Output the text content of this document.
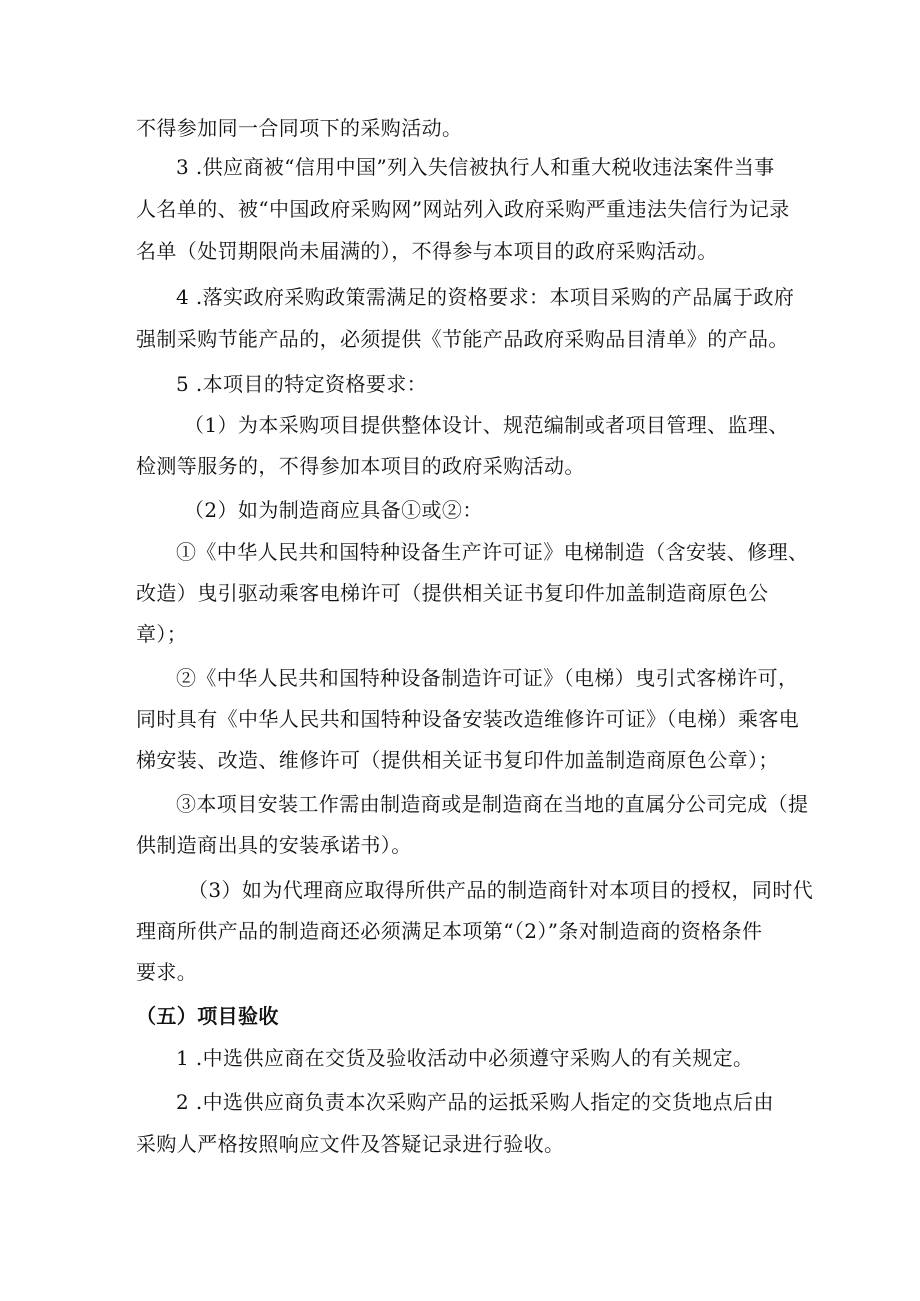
不得参加同一合同项下的采购活动。
3 .供应商被“信用中国”列入失信被执行人和重大税收违法案件当事
人名单的、被“中国政府采购网”网站列入政府采购严重违法失信行为记录
名单（处罚期限尚未届满的），不得参与本项目的政府采购活动。
4 .落实政府采购政策需满足的资格要求：本项目采购的产品属于政府
强制采购节能产品的，必须提供《节能产品政府采购品目清单》的产品。
5 .本项目的特定资格要求：
（1）为本采购项目提供整体设计、规范编制或者项目管理、监理、
检测等服务的，不得参加本项目的政府采购活动。
（2）如为制造商应具备①或②：
①《中华人民共和国特种设备生产许可证》电梯制造（含安装、修理、
改造）曳引驱动乘客电梯许可（提供相关证书复印件加盖制造商原色公
章）；
②《中华人民共和国特种设备制造许可证》（电梯）曳引式客梯许可，
同时具有《中华人民共和国特种设备安装改造维修许可证》（电梯）乘客电
梯安装、改造、维修许可（提供相关证书复印件加盖制造商原色公章）；
③本项目安装工作需由制造商或是制造商在当地的直属分公司完成（提
供制造商出具的安装承诺书）。
（3）如为代理商应取得所供产品的制造商针对本项目的授权，同时代
理商所供产品的制造商还必须满足本项第“（2）”条对制造商的资格条件
要求。
（五）项目验收
1 .中选供应商在交货及验收活动中必须遵守采购人的有关规定。
2 .中选供应商负责本次采购产品的运抵采购人指定的交货地点后由
采购人严格按照响应文件及答疑记录进行验收。
